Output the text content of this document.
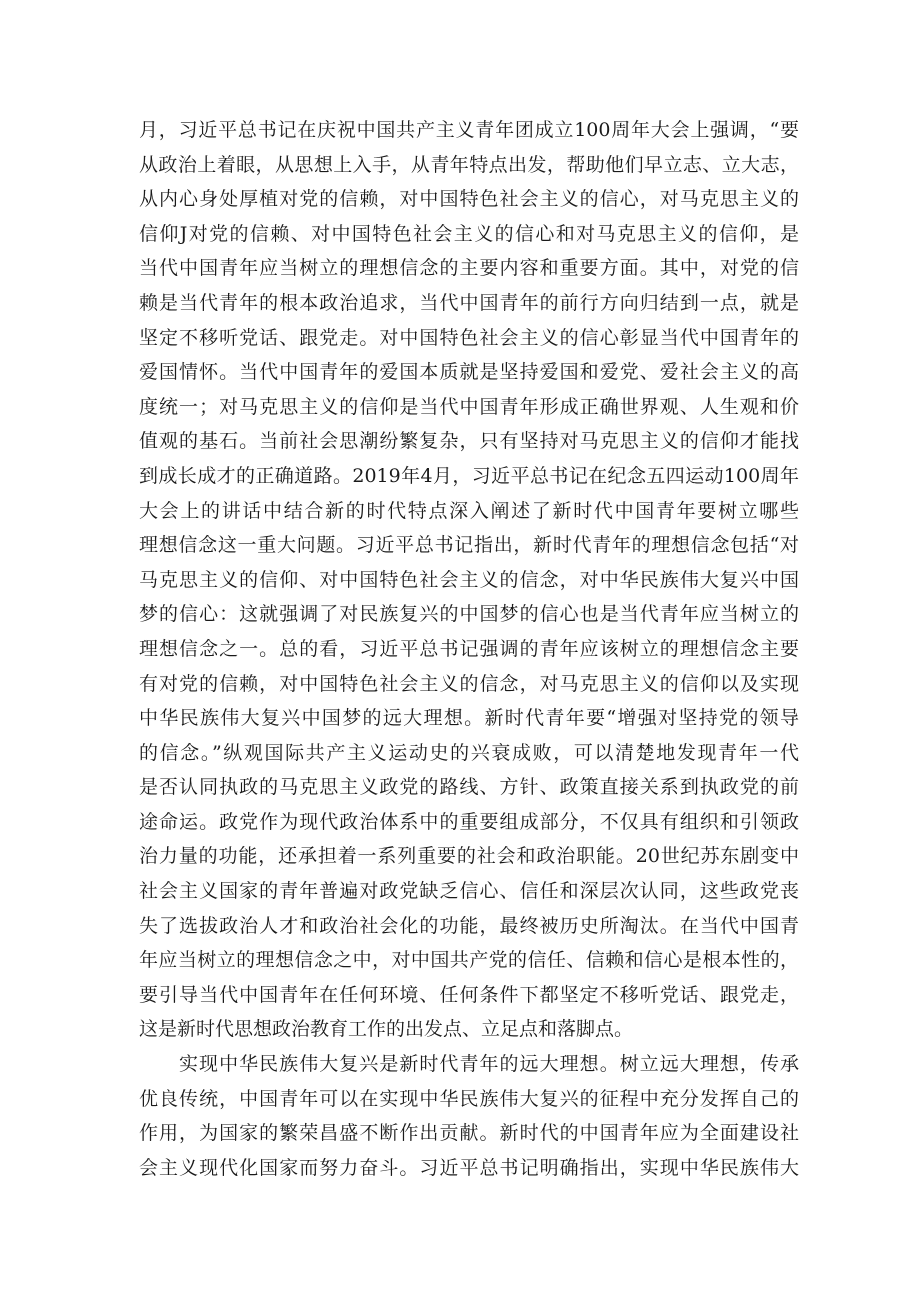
月，习近平总书记在庆祝中国共产主义青年团成立100周年大会上强调，“要
从政治上着眼，从思想上入手，从青年特点出发，帮助他们早立志、立大志，
从内心身处厚植对党的信赖，对中国特色社会主义的信心，对马克思主义的
信仰J对党的信赖、对中国特色社会主义的信心和对马克思主义的信仰，是
当代中国青年应当树立的理想信念的主要内容和重要方面。其中，对党的信
赖是当代青年的根本政治追求，当代中国青年的前行方向归结到一点，就是
坚定不移听党话、跟党走。对中国特色社会主义的信心彰显当代中国青年的
爱国情怀。当代中国青年的爱国本质就是坚持爱国和爱党、爱社会主义的高
度统一；对马克思主义的信仰是当代中国青年形成正确世界观、人生观和价
值观的基石。当前社会思潮纷繁复杂，只有坚持对马克思主义的信仰才能找
到成长成才的正确道路。2019年4月，习近平总书记在纪念五四运动100周年
大会上的讲话中结合新的时代特点深入阐述了新时代中国青年要树立哪些
理想信念这一重大问题。习近平总书记指出，新时代青年的理想信念包括“对
马克思主义的信仰、对中国特色社会主义的信念，对中华民族伟大复兴中国
梦的信心：这就强调了对民族复兴的中国梦的信心也是当代青年应当树立的
理想信念之一。总的看，习近平总书记强调的青年应该树立的理想信念主要
有对党的信赖，对中国特色社会主义的信念，对马克思主义的信仰以及实现
中华民族伟大复兴中国梦的远大理想。新时代青年要“增强对坚持党的领导
的信念。”纵观国际共产主义运动史的兴衰成败，可以清楚地发现青年一代
是否认同执政的马克思主义政党的路线、方针、政策直接关系到执政党的前
途命运。政党作为现代政治体系中的重要组成部分，不仅具有组织和引领政
治力量的功能，还承担着一系列重要的社会和政治职能。20世纪苏东剧变中
社会主义国家的青年普遍对政党缺乏信心、信任和深层次认同，这些政党丧
失了选拔政治人才和政治社会化的功能，最终被历史所淘汰。在当代中国青
年应当树立的理想信念之中，对中国共产党的信任、信赖和信心是根本性的，
要引导当代中国青年在任何环境、任何条件下都坚定不移听党话、跟党走，
这是新时代思想政治教育工作的出发点、立足点和落脚点。
实现中华民族伟大复兴是新时代青年的远大理想。树立远大理想，传承
优良传统，中国青年可以在实现中华民族伟大复兴的征程中充分发挥自己的
作用，为国家的繁荣昌盛不断作出贡献。新时代的中国青年应为全面建设社
会主义现代化国家而努力奋斗。习近平总书记明确指出，实现中华民族伟大
